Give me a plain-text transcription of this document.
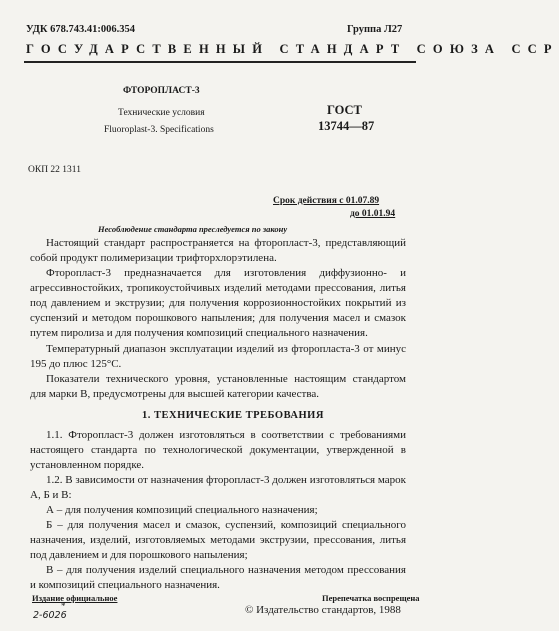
УДК 678.743.41:006.354	Группа Л27
ГОСУДАРСТВЕННЫЙ СТАНДАРТ СОЮЗА ССР
ФТОРОПЛАСТ-3
Технические условия
Fluoroplast-3. Specifications
ГОСТ
13744—87
ОКП 22 1311
Срок действия с 01.07.89
до 01.01.94
Несоблюдение стандарта преследуется по закону
Настоящий стандарт распространяется на фторопласт-3, представляющий собой продукт полимеризации трифторхлорэтилена.
Фторопласт-3 предназначается для изготовления диффузионно- и агрессивностойких, тропикоустойчивых изделий методами прессования, литья под давлением и экструзии; для получения коррозионностойких покрытий из суспензий и методом порошкового напыления; для получения масел и смазок путем пиролиза и для получения композиций специального назначения.
Температурный диапазон эксплуатации изделий из фторопласта-3 от минус 195 до плюс 125°С.
Показатели технического уровня, установленные настоящим стандартом для марки В, предусмотрены для высшей категории качества.
1. ТЕХНИЧЕСКИЕ ТРЕБОВАНИЯ
1.1. Фторопласт-3 должен изготовляться в соответствии с требованиями настоящего стандарта по технологической документации, утвержденной в установленном порядке.
1.2. В зависимости от назначения фторопласт-3 должен изготовляться марок А, Б и В:
А – для получения композиций специального назначения;
Б – для получения масел и смазок, суспензий, композиций специального назначения, изделий, изготовляемых методами экструзии, прессования, литья под давлением и для порошкового напыления;
В – для получения изделий специального назначения методом прессования и композиций специального назначения.
Издание официальное	Перепечатка воспрещена
*
2-6026	© Издательство стандартов, 1988
